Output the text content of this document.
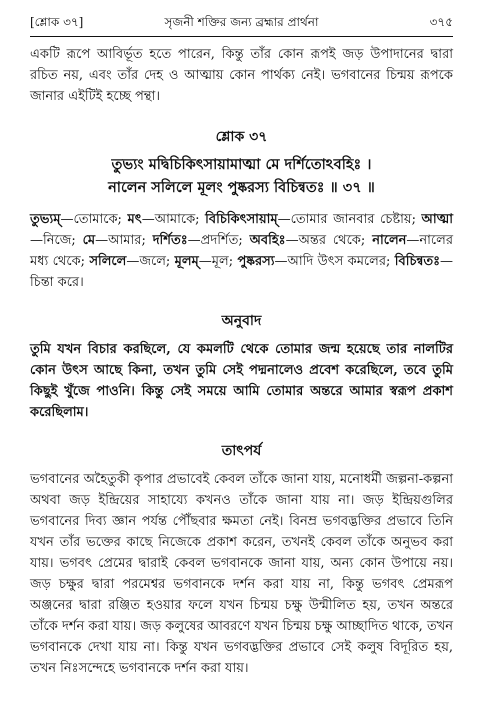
[শ্লোক ৩৭]	সৃজনী শক্তির জন্য ব্রহ্মার প্রার্থনা	৩৭৫

একটি রূপে আবির্ভূত হতে পারেন, কিন্তু তাঁর কোন রূপই জড় উপাদানের দ্বারা রচিত নয়, এবং তাঁর দেহ ও আত্মায় কোন পার্থক্য নেই। ভগবানের চিন্ময় রূপকে জানার এইটিই হচ্ছে পন্থা।

শ্লোক ৩৭
তুভ্যং মদ্বিচিকিৎসায়ামাত্মা মে দর্শিতোঽবহিঃ ।
নালেন সলিলে মূলং পুষ্করস্য বিচিন্বতঃ ॥ ৩৭ ॥

তুভ্যম্—তোমাকে; মৎ—আমাকে; বিচিকিৎসায়াম্—তোমার জানবার চেষ্টায়; আত্মা—নিজে; মে—আমার; দর্শিতঃ—প্রদর্শিত; অবহিঃ—অন্তর থেকে; নালেন—নালের মধ্য থেকে; সলিলে—জলে; মূলম্—মূল; পুষ্করস্য—আদি উৎস কমলের; বিচিন্বতঃ—চিন্তা করে।

অনুবাদ

তুমি যখন বিচার করছিলে, যে কমলটি থেকে তোমার জন্ম হয়েছে তার নালটির কোন উৎস আছে কিনা, তখন তুমি সেই পদ্মনালেও প্রবেশ করেছিলে, তবে তুমি কিছুই খুঁজে পাওনি। কিন্তু সেই সময়ে আমি তোমার অন্তরে আমার স্বরূপ প্রকাশ করেছিলাম।

তাৎপর্য

ভগবানের অহৈতুকী কৃপার প্রভাবেই কেবল তাঁকে জানা যায়, মনোধর্মী জল্পনা-কল্পনা অথবা জড় ইন্দ্রিয়ের সাহায্যে কখনও তাঁকে জানা যায় না। জড় ইন্দ্রিয়গুলির ভগবানের দিব্য জ্ঞান পর্যন্ত পৌঁছবার ক্ষমতা নেই। বিনম্র ভগবদ্ভক্তির প্রভাবে তিনি যখন তাঁর ভক্তের কাছে নিজেকে প্রকাশ করেন, তখনই কেবল তাঁকে অনুভব করা যায়। ভগবৎ প্রেমের দ্বারাই কেবল ভগবানকে জানা যায়, অন্য কোন উপায়ে নয়। জড় চক্ষুর দ্বারা পরমেশ্বর ভগবানকে দর্শন করা যায় না, কিন্তু ভগবৎ প্রেমরূপ অঞ্জনের দ্বারা রঞ্জিত হওয়ার ফলে যখন চিন্ময় চক্ষু উন্মীলিত হয়, তখন অন্তরে তাঁকে দর্শন করা যায়। জড় কলুষের আবরণে যখন চিন্ময় চক্ষু আচ্ছাদিত থাকে, তখন ভগবানকে দেখা যায় না। কিন্তু যখন ভগবদ্ভক্তির প্রভাবে সেই কলুষ বিদূরিত হয়, তখন নিঃসন্দেহে ভগবানকে দর্শন করা যায়।
